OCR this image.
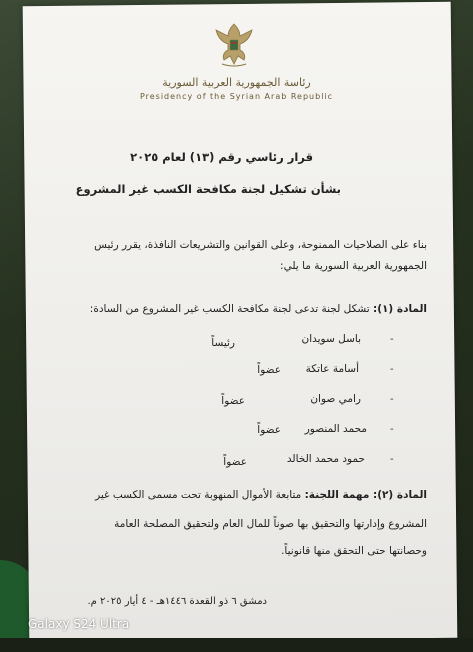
رئاسة الجمهورية العربية السورية
Presidency of the Syrian Arab Republic
قرار رئاسي رقم (١٣) لعام ٢٠٢٥
بشأن تشكيل لجنة مكافحة الكسب غير المشروع
بناء على الصلاحيات الممنوحة، وعلى القوانين والتشريعات النافذة، يقرر رئيس
الجمهورية العربية السورية ما يلي:
المادة (١): تشكل لجنة تدعى لجنة مكافحة الكسب غير المشروع من السادة:
-
باسل سويدان
رئيساً
-
أسامة عاتكة
عضواً
-
رامي صوان
عضواً
-
محمد المنصور
عضواً
-
حمود محمد الخالد
عضواً
المادة (٢): مهمة اللجنة: متابعة الأموال المنهوبة تحت مسمى الكسب غير
المشروع وإدارتها والتحقيق بها صوناً للمال العام ولتحقيق المصلحة العامة
وحصانتها حتى التحقق منها قانونياً.
دمشق ٦ ذو القعدة ١٤٤٦هـ - ٤ أيار ٢٠٢٥ م.
Galaxy S24 Ultra
